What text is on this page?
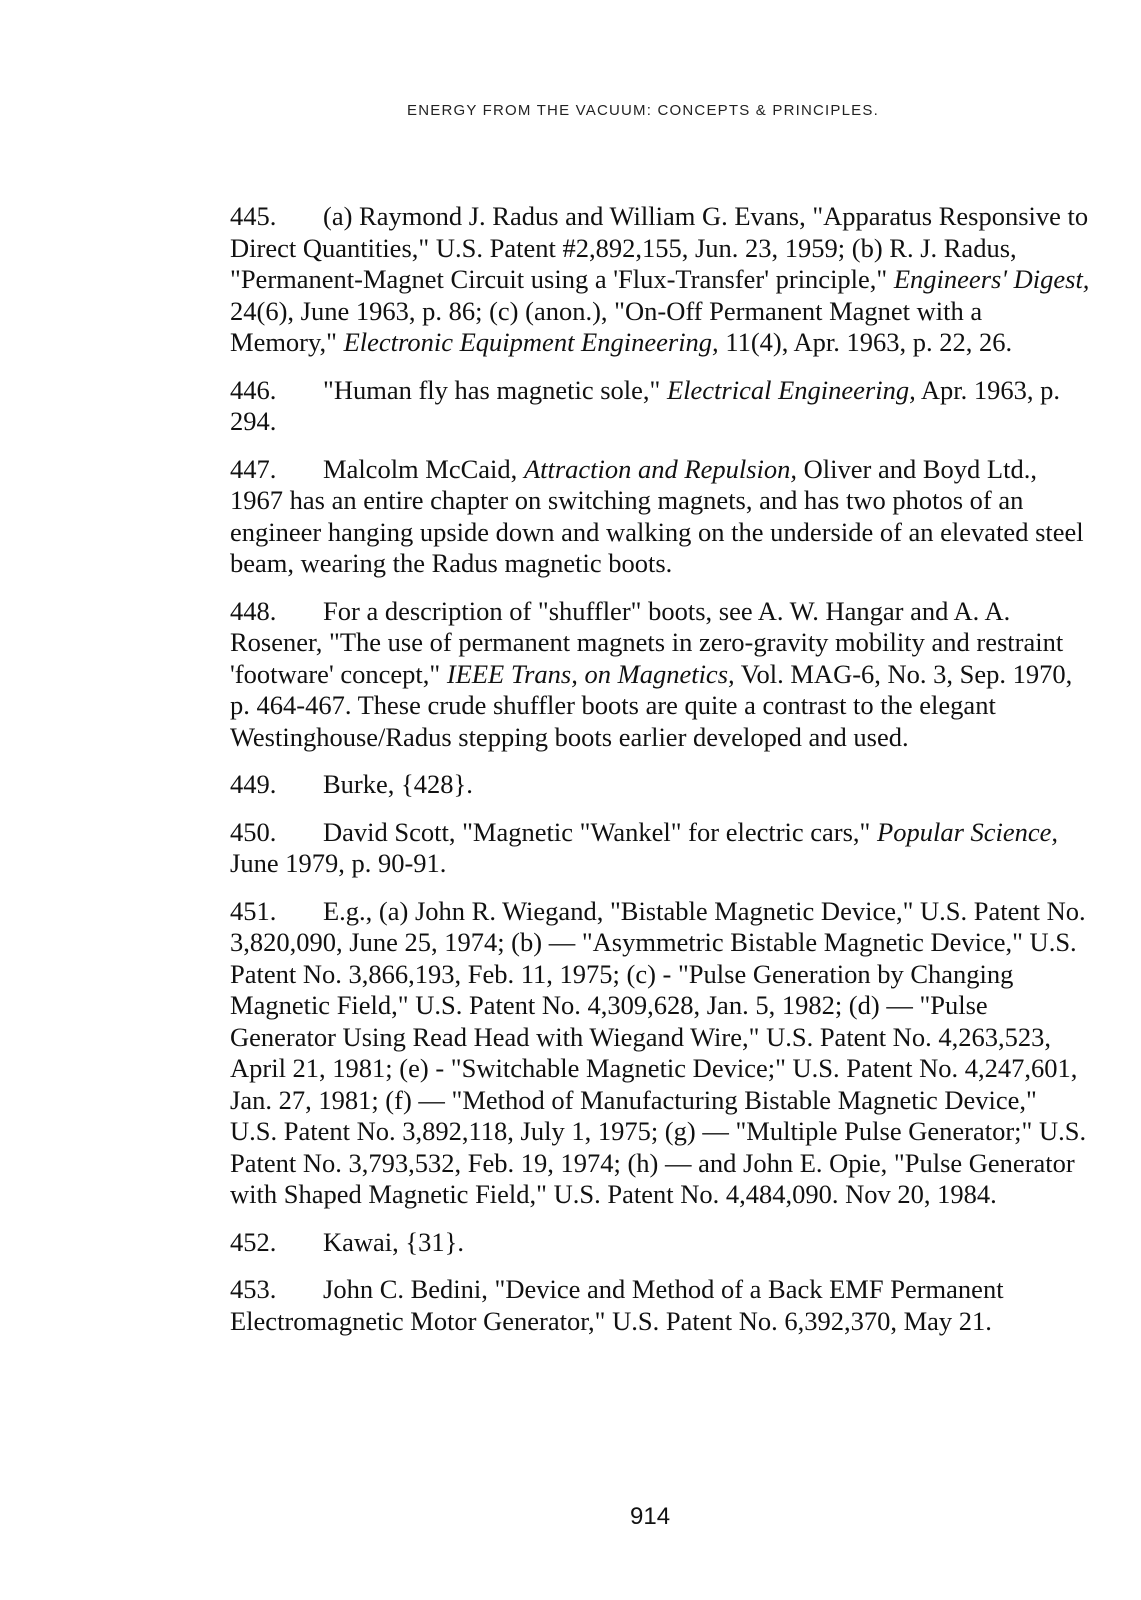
ENERGY FROM THE VACUUM: CONCEPTS & PRINCIPLES.

445. (a) Raymond J. Radus and William G. Evans, "Apparatus Responsive to Direct Quantities," U.S. Patent #2,892,155, Jun. 23, 1959; (b) R. J. Radus, "Permanent-Magnet Circuit using a 'Flux-Transfer' principle," Engineers' Digest, 24(6), June 1963, p. 86; (c) (anon.), "On-Off Permanent Magnet with a Memory," Electronic Equipment Engineering, 11(4), Apr. 1963, p. 22, 26.

446. "Human fly has magnetic sole," Electrical Engineering, Apr. 1963, p. 294.

447. Malcolm McCaid, Attraction and Repulsion, Oliver and Boyd Ltd., 1967 has an entire chapter on switching magnets, and has two photos of an engineer hanging upside down and walking on the underside of an elevated steel beam, wearing the Radus magnetic boots.

448. For a description of "shuffler" boots, see A. W. Hangar and A. A. Rosener, "The use of permanent magnets in zero-gravity mobility and restraint 'footware' concept," IEEE Trans, on Magnetics, Vol. MAG-6, No. 3, Sep. 1970, p. 464-467. These crude shuffler boots are quite a contrast to the elegant Westinghouse/Radus stepping boots earlier developed and used.

449. Burke, {428}.

450. David Scott, "Magnetic "Wankel" for electric cars," Popular Science, June 1979, p. 90-91.

451. E.g., (a) John R. Wiegand, "Bistable Magnetic Device," U.S. Patent No. 3,820,090, June 25, 1974; (b) — "Asymmetric Bistable Magnetic Device," U.S. Patent No. 3,866,193, Feb. 11, 1975; (c) - "Pulse Generation by Changing Magnetic Field," U.S. Patent No. 4,309,628, Jan. 5, 1982; (d) — "Pulse Generator Using Read Head with Wiegand Wire," U.S. Patent No. 4,263,523, April 21, 1981; (e) - "Switchable Magnetic Device;" U.S. Patent No. 4,247,601, Jan. 27, 1981; (f) — "Method of Manufacturing Bistable Magnetic Device," U.S. Patent No. 3,892,118, July 1, 1975; (g) — "Multiple Pulse Generator;" U.S. Patent No. 3,793,532, Feb. 19, 1974; (h) — and John E. Opie, "Pulse Generator with Shaped Magnetic Field," U.S. Patent No. 4,484,090. Nov 20, 1984.

452. Kawai, {31}.

453. John C. Bedini, "Device and Method of a Back EMF Permanent Electromagnetic Motor Generator," U.S. Patent No. 6,392,370, May 21.

914
